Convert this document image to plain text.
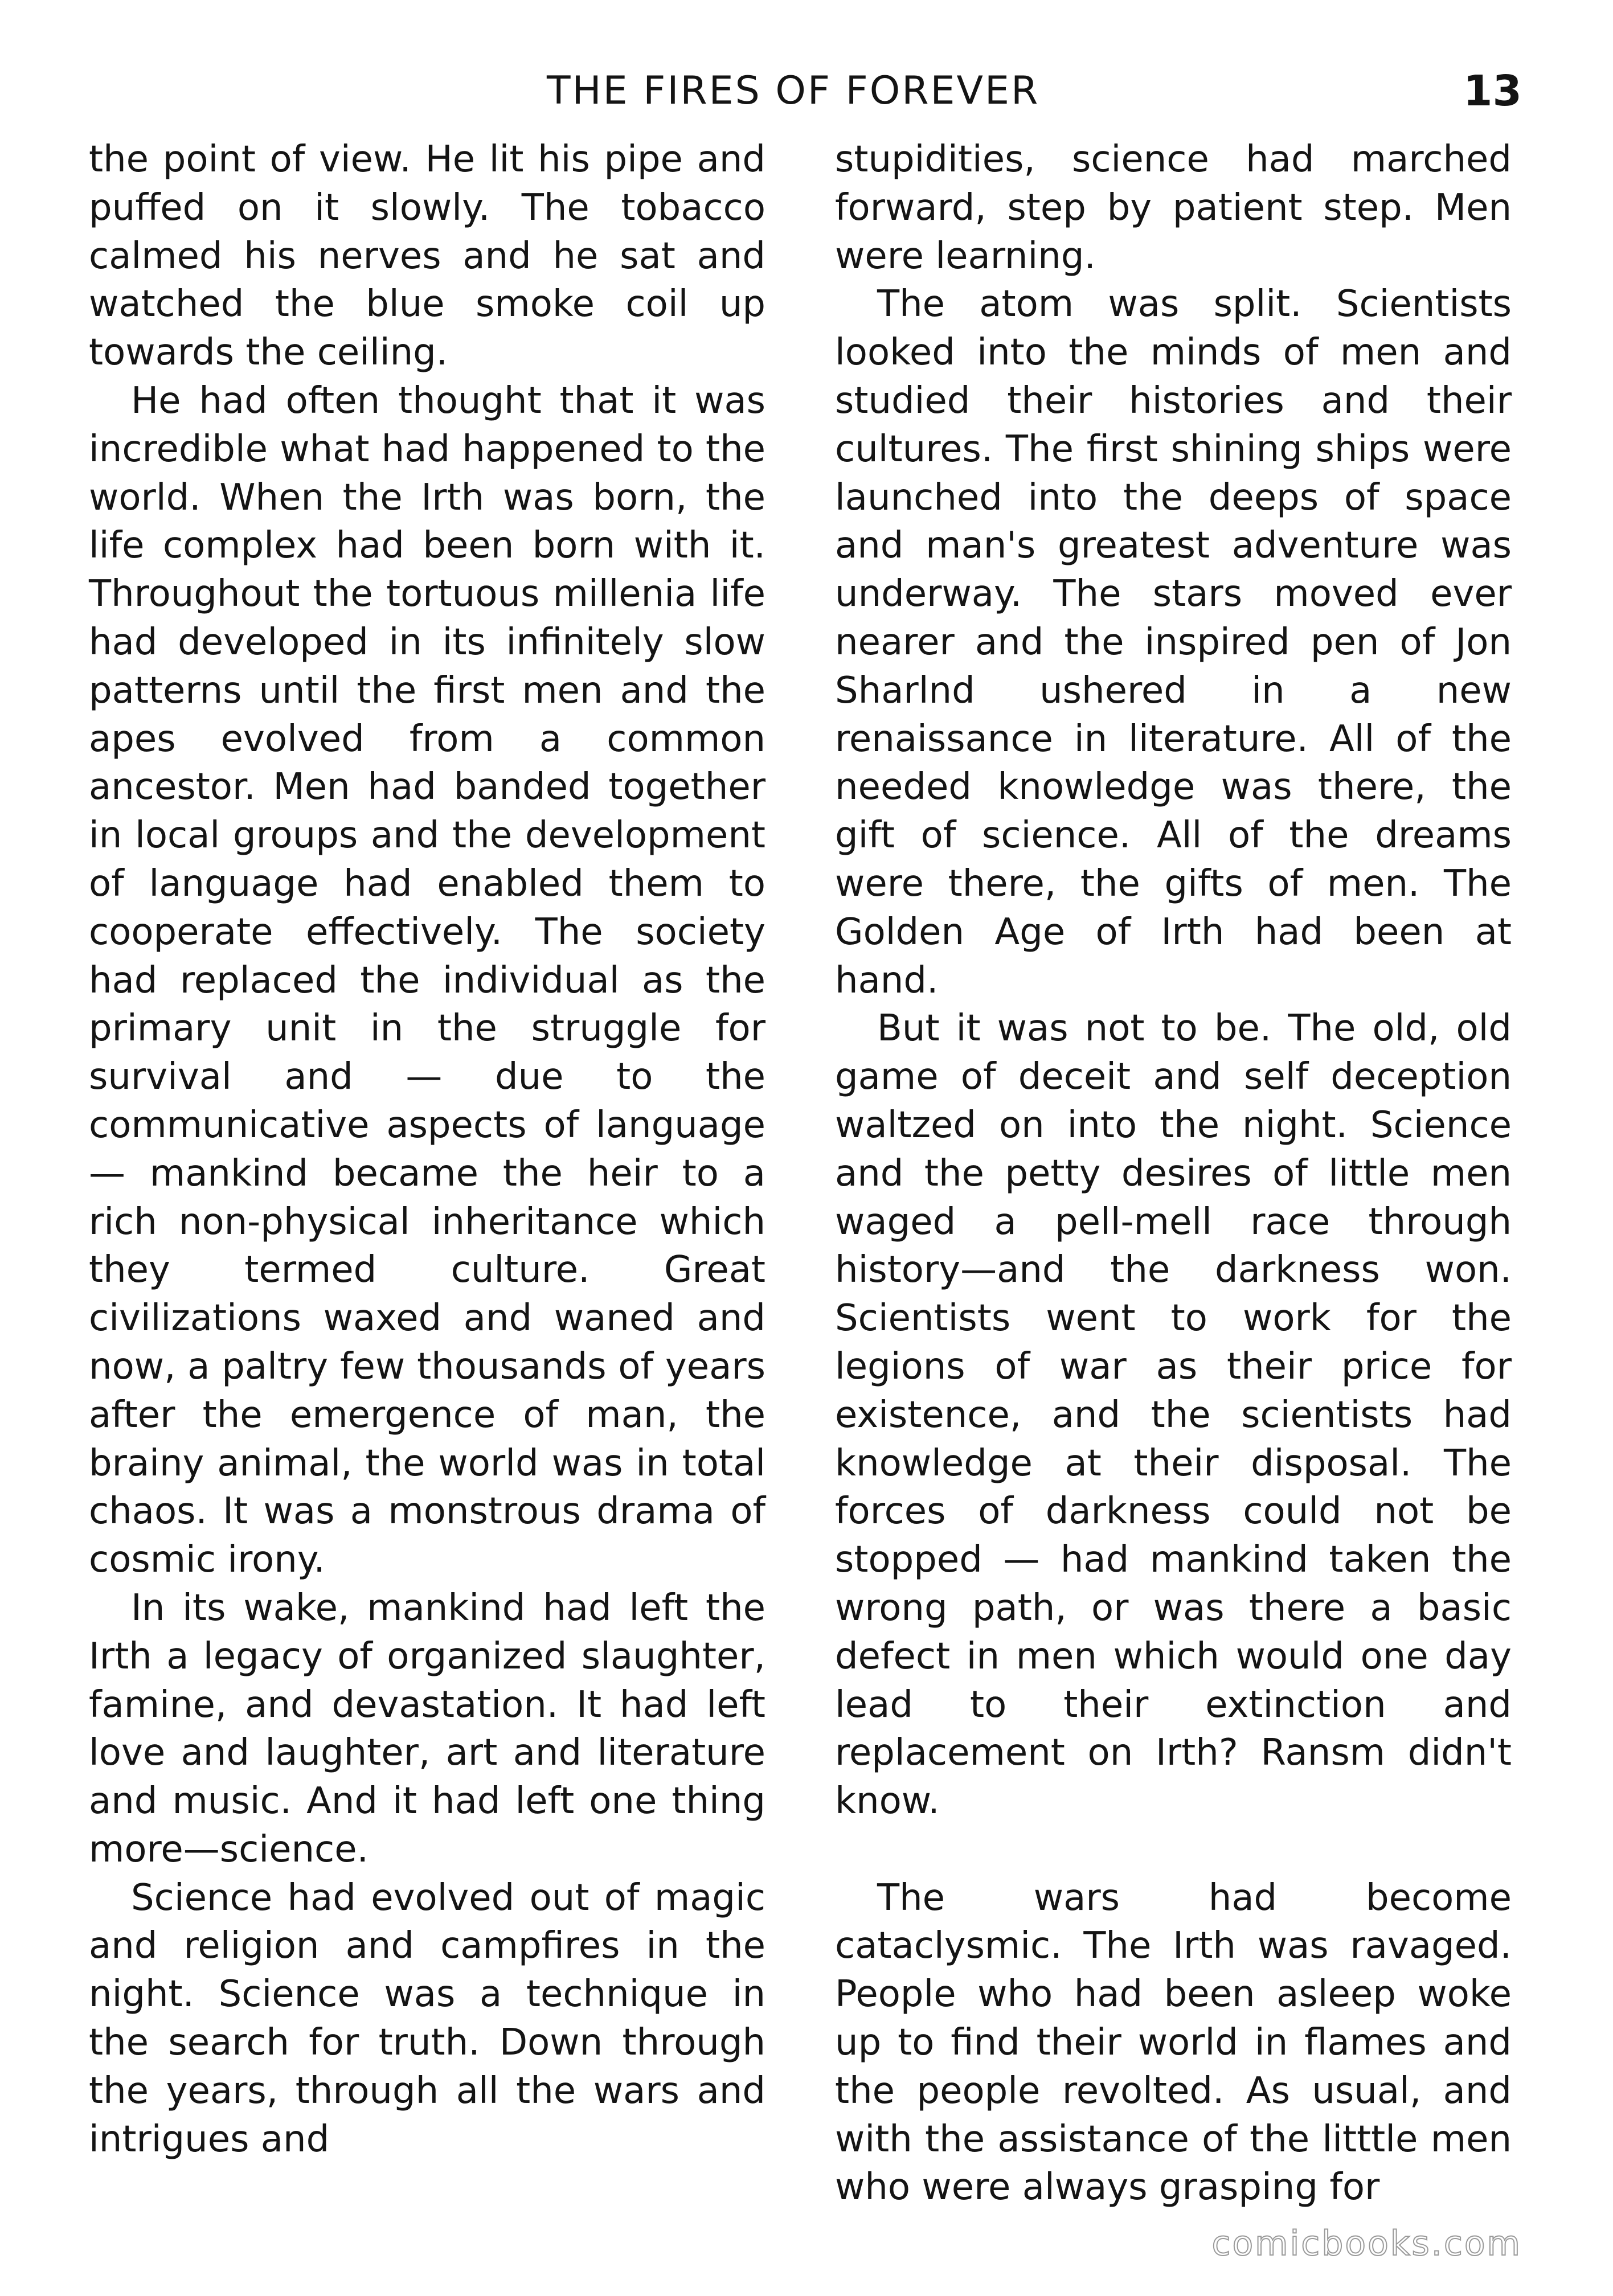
THE FIRES OF FOREVER	13

the point of view. He lit his pipe and puffed on it slowly. The tobacco calmed his nerves and he sat and watched the blue smoke coil up towards the ceiling.

He had often thought that it was incredible what had happened to the world. When the Irth was born, the life complex had been born with it. Throughout the tortuous millenia life had developed in its infinitely slow patterns until the first men and the apes evolved from a common ancestor. Men had banded together in local groups and the development of language had enabled them to cooperate effectively. The society had replaced the individual as the primary unit in the struggle for survival and — due to the communicative aspects of language — mankind became the heir to a rich non-physical inheritance which they termed culture. Great civilizations waxed and waned and now, a paltry few thousands of years after the emergence of man, the brainy animal, the world was in total chaos. It was a monstrous drama of cosmic irony.

In its wake, mankind had left the Irth a legacy of organized slaughter, famine, and devastation. It had left love and laughter, art and literature and music. And it had left one thing more—science.

Science had evolved out of magic and religion and campfires in the night. Science was a technique in the search for truth. Down through the years, through all the wars and intrigues and

stupidities, science had marched forward, step by patient step. Men were learning.

The atom was split. Scientists looked into the minds of men and studied their histories and their cultures. The first shining ships were launched into the deeps of space and man's greatest adventure was underway. The stars moved ever nearer and the inspired pen of Jon Sharlnd ushered in a new renaissance in literature. All of the needed knowledge was there, the gift of science. All of the dreams were there, the gifts of men. The Golden Age of Irth had been at hand.

But it was not to be. The old, old game of deceit and self deception waltzed on into the night. Science and the petty desires of little men waged a pell-mell race through history—and the darkness won. Scientists went to work for the legions of war as their price for existence, and the scientists had knowledge at their disposal. The forces of darkness could not be stopped — had mankind taken the wrong path, or was there a basic defect in men which would one day lead to their extinction and replacement on Irth? Ransm didn't know.

The wars had become cataclysmic. The Irth was ravaged. People who had been asleep woke up to find their world in flames and the people revolted. As usual, and with the assistance of the litttle men who were always grasping for

comicbooks.com
